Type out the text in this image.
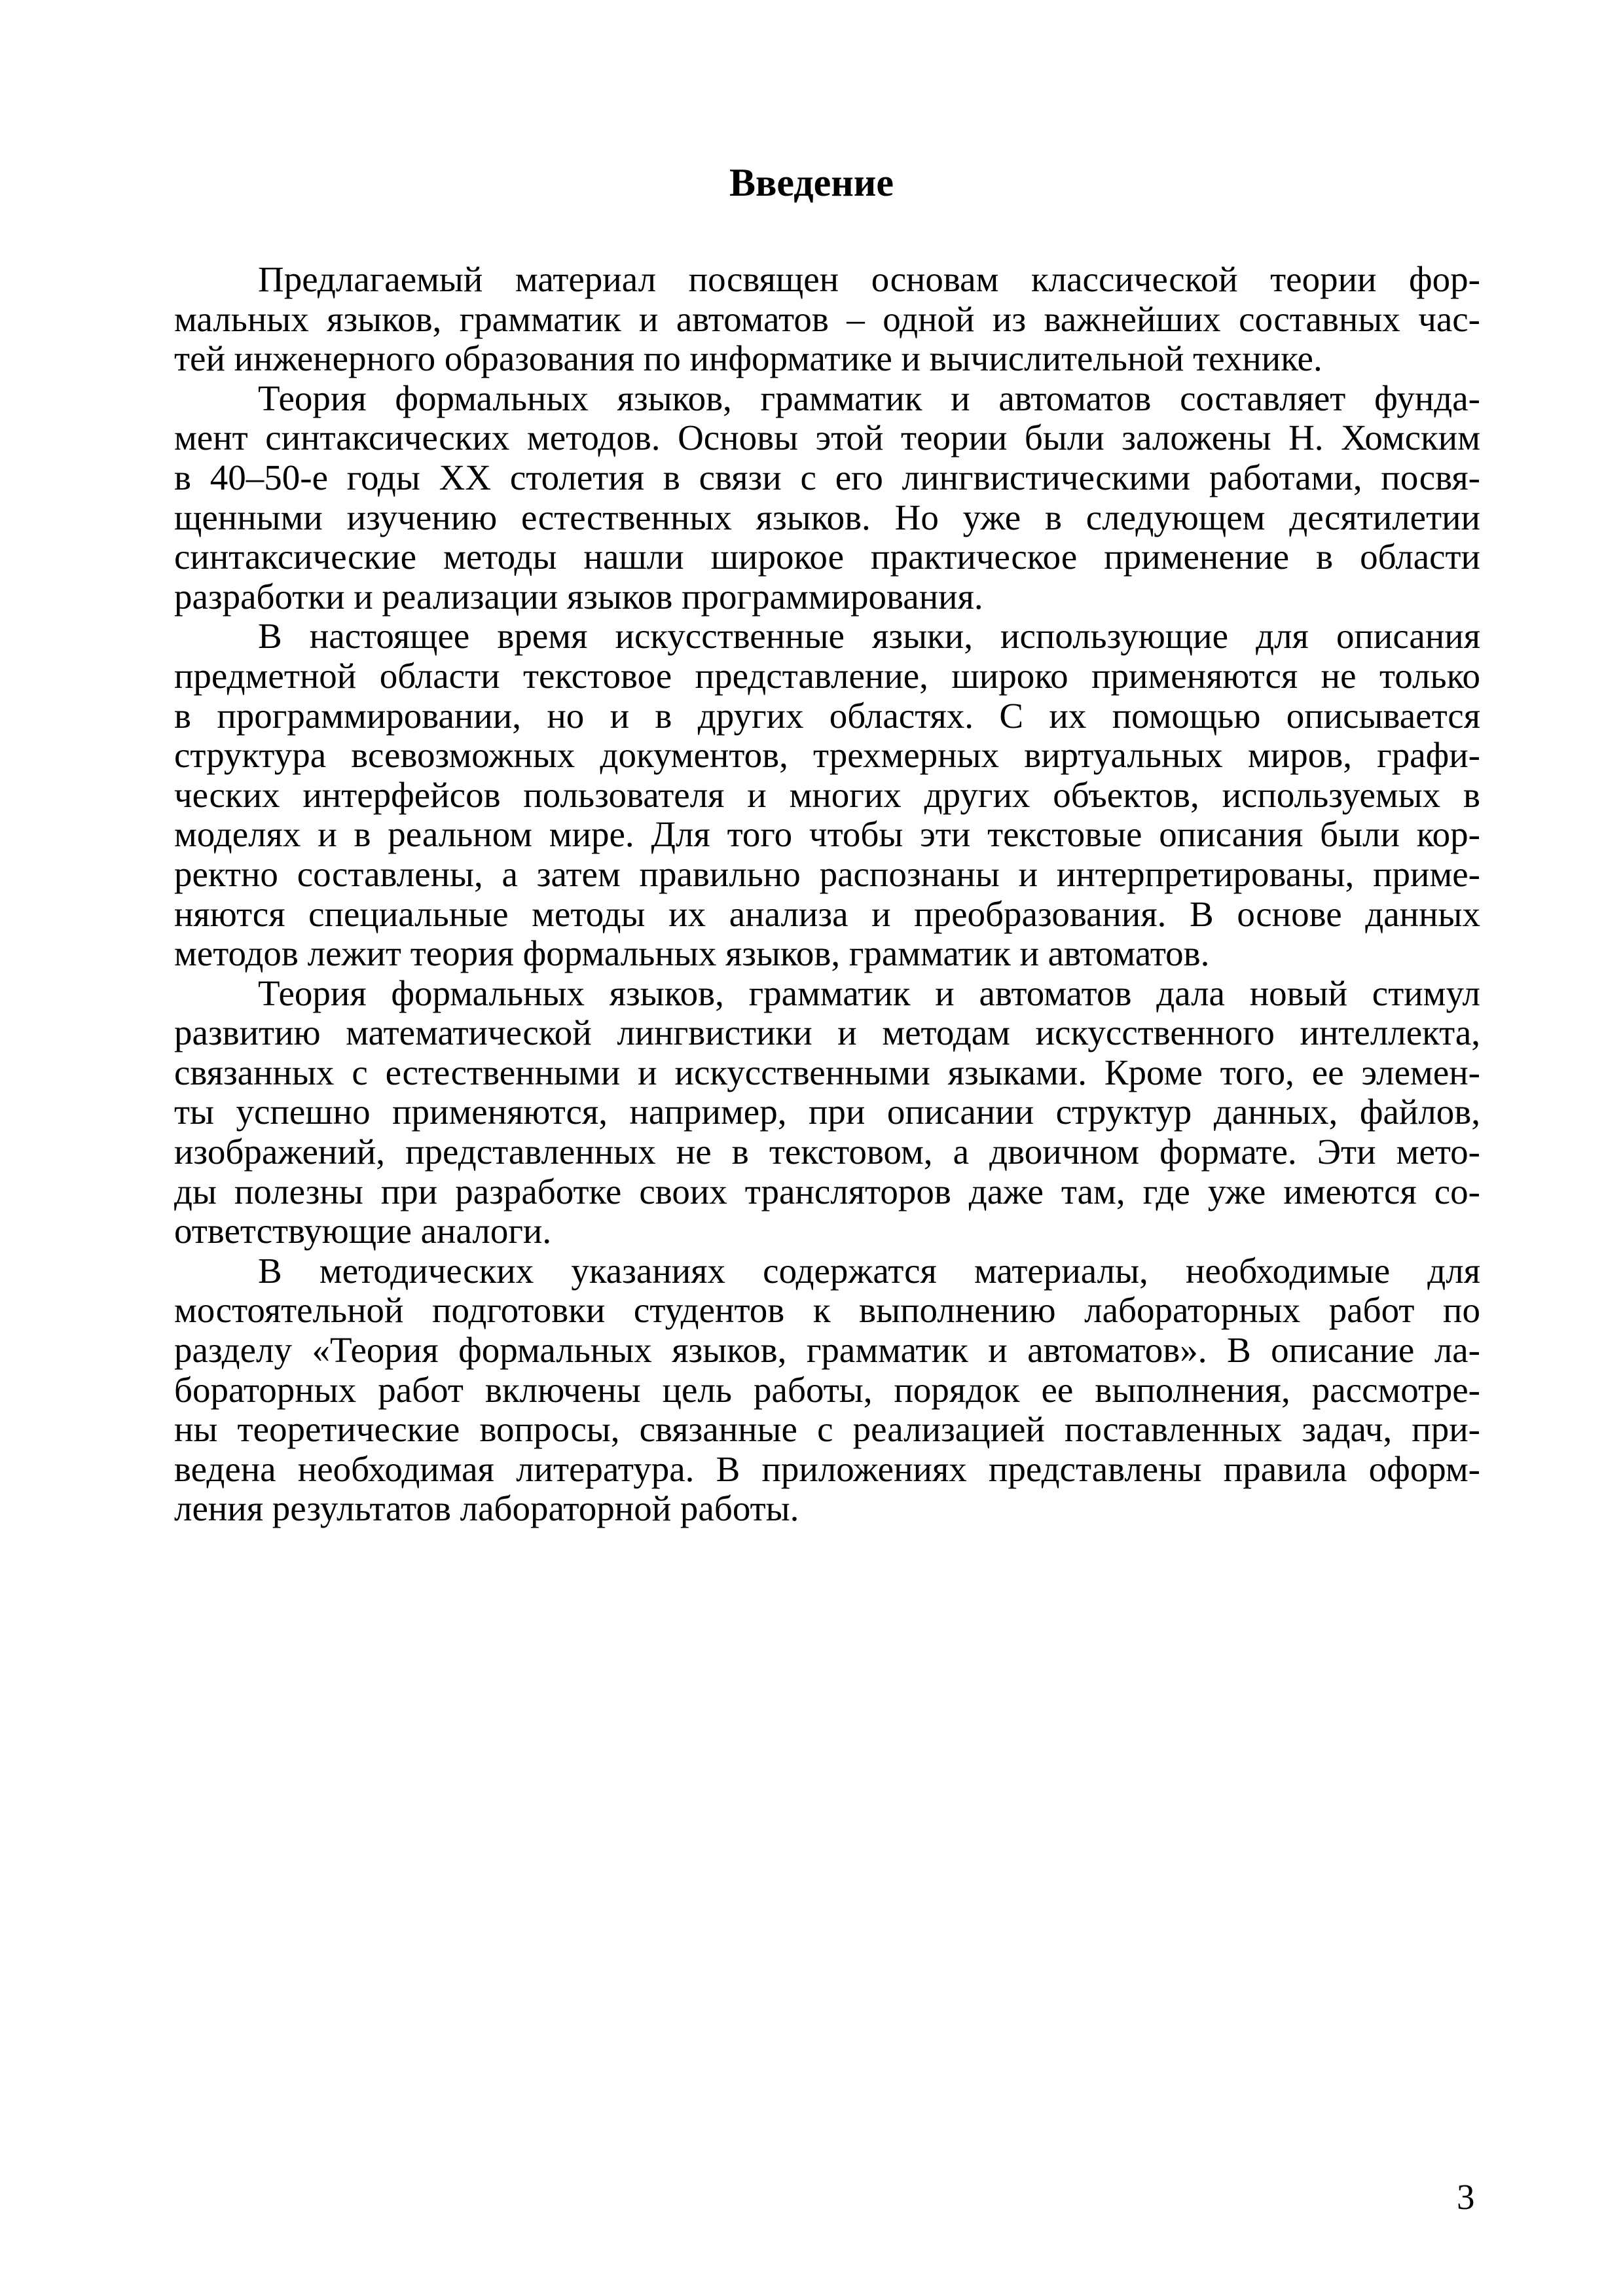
Введение
Предлагаемый материал посвящен основам классической теории фор-
мальных языков, грамматик и автоматов – одной из важнейших составных час-
тей инженерного образования по информатике и вычислительной технике.
Теория формальных языков, грамматик и автоматов составляет фунда-
мент синтаксических методов. Основы этой теории были заложены Н. Хомским
в 40–50-е годы XX столетия в связи с его лингвистическими работами, посвя-
щенными изучению естественных языков. Но уже в следующем десятилетии
синтаксические методы нашли широкое практическое применение в области
разработки и реализации языков программирования.
В настоящее время искусственные языки, использующие для описания
предметной области текстовое представление, широко применяются не только
в программировании, но и в других областях. С их помощью описывается
структура всевозможных документов, трехмерных виртуальных миров, графи-
ческих интерфейсов пользователя и многих других объектов, используемых в
моделях и в реальном мире. Для того чтобы эти текстовые описания были кор-
ректно составлены, а затем правильно распознаны и интерпретированы, приме-
няются специальные методы их анализа и преобразования. В основе данных
методов лежит теория формальных языков, грамматик и автоматов.
Теория формальных языков, грамматик и автоматов дала новый стимул
развитию математической лингвистики и методам искусственного интеллекта,
связанных с естественными и искусственными языками. Кроме того, ее элемен-
ты успешно применяются, например, при описании структур данных, файлов,
изображений, представленных не в текстовом, а двоичном формате. Эти мето-
ды полезны при разработке своих трансляторов даже там, где уже имеются со-
ответствующие аналоги.
В методических указаниях содержатся материалы, необходимые для
мостоятельной подготовки студентов к выполнению лабораторных работ по
разделу «Теория формальных языков, грамматик и автоматов». В описание ла-
бораторных работ включены цель работы, порядок ее выполнения, рассмотре-
ны теоретические вопросы, связанные с реализацией поставленных задач, при-
ведена необходимая литература. В приложениях представлены правила оформ-
ления результатов лабораторной работы.
3
